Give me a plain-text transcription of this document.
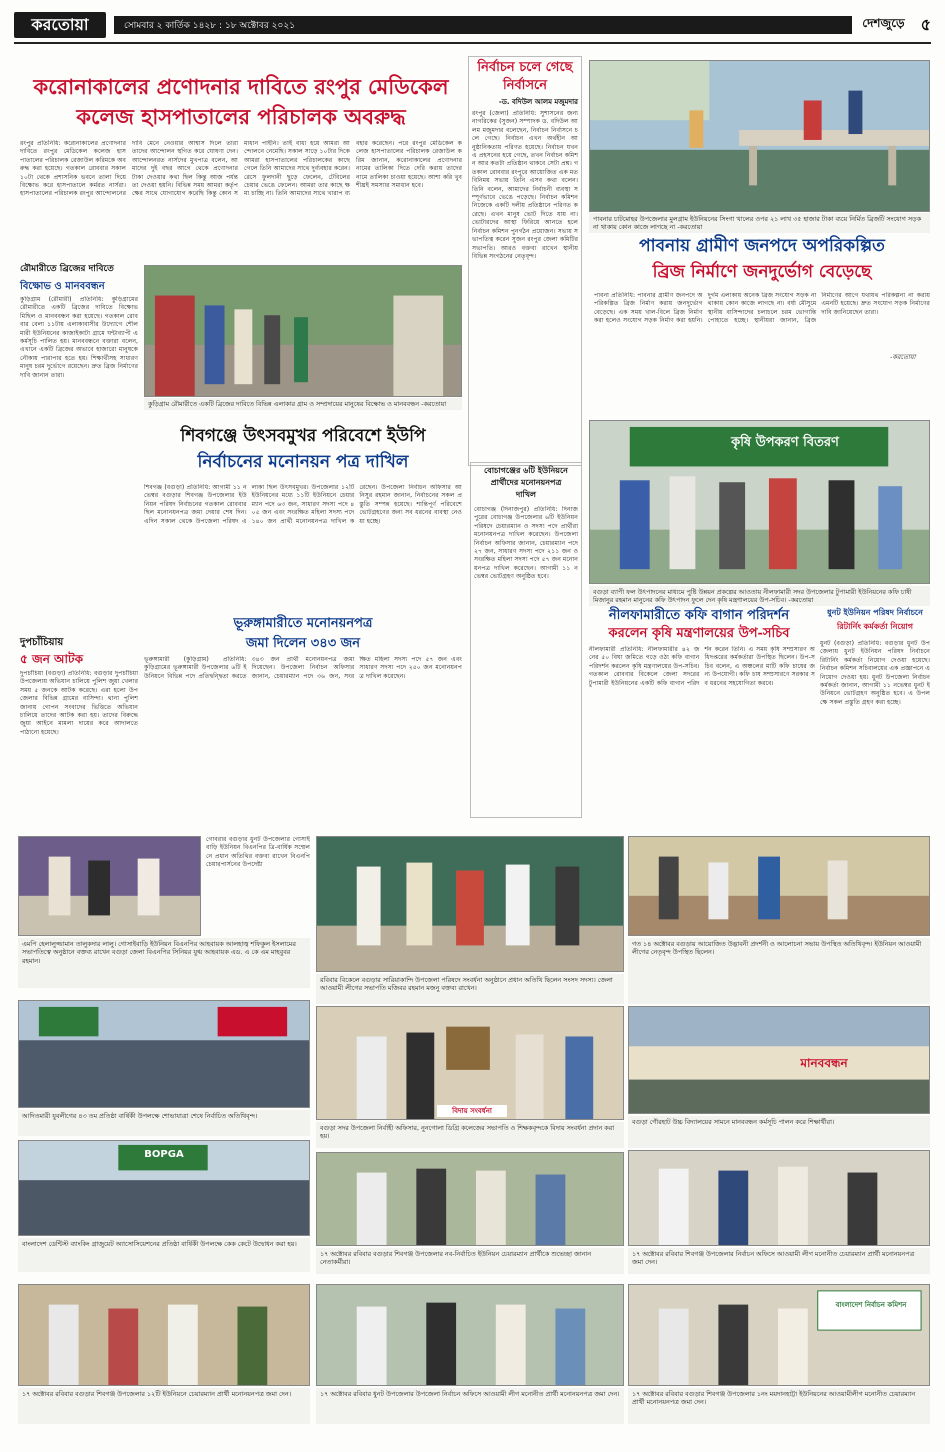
করতোয়া	সোমবার ২ কার্তিক ১৪২৮ : ১৮ অক্টোবর ২০২১	দেশজুড়ে ৫
করোনাকালের প্রণোদনার দাবিতে রংপুর মেডিকেল
কলেজ হাসপাতালের পরিচালক অবরুদ্ধ
রংপুর প্রতিনিধি: করোনাকালের প্রণোদনার দাবিতে রংপুর মেডিকেল কলেজ হাসপাতালের পরিচালক রেজাউল করিমকে অবরুদ্ধ করা হয়েছে। গতকাল রোববার সকাল ১০টা থেকে প্রশাসনিক ভবনে তালা দিয়ে বিক্ষোভ করে হাসপাতালে কর্মরত নার্সরা। হাসপাতালের পরিচালক রংপুর আন্দোলনের দাবি মেনে নেওয়ার আশ্বাস দিলে তারা তাদের আন্দোলন স্থগিত করে ঘোষণা দেন। আন্দোলনরত নার্সদের মুখপাত্র বলেন, আমাদের দুই বছর আগে থেকে প্রণোদনার টাকা দেওয়ার কথা ছিল কিন্তু আজ পর্যন্ত তা দেওয়া হয়নি। বিভিন্ন সময় আমরা কর্তৃপক্ষের সাথে যোগাযোগ করেছি কিন্তু কোন সমাধান পাইনি। তাই বাধ্য হয়ে আমরা আন্দোলনে নেমেছি। সকাল সাড়ে ১০টার দিকে আমরা হাসপাতালের পরিচালকের কাছে গেলে তিনি আমাদের সাথে দুর্ব্যবহার করেন। রেসে ফুলদানী ছুড়ে ফেলেন, টেবিলের চেয়ার ভেঙে ফেলেন। আমরা তার কাছে ক্ষমা চাচ্ছি না। তিনি আমাদের সাথে খারাপ ব্যবহার করেছেন। পরে রংপুর মেডিকেল কলেজ হাসপাতালের পরিচালক রেজাউল করিম জানান, করোনাকালের প্রণোদনার নামের তালিকা দিতে দেরি করায় তাদের নামে তালিকা চাওয়া হয়েছে। আশা করি খুব শীঘ্রই সমস্যার সমাধান হবে।
নির্বাচন চলে গেছে
নির্বাসনে
-ড. বদিউল আলম মজুমদার
রংপুর (জেলা) প্রতিনিধি: সুশাসনের জন্য নাগরিকের (সুজন) সম্পাদক ড. বদিউল আলম মজুমদার বলেছেন, নির্বাচন নির্বাসনে চলে গেছে। নির্বাচন এখন অর্থহীন আনুষ্ঠানিকতায় পরিণত হয়েছে। নির্বাচন যখন এ প্রহসনের হয়ে গেছে, তখন নির্বাচন কমিশন আর কতটা প্রতিষ্ঠান থাকবে সেটা প্রশ্ন। গতকাল রোববার রংপুরে আয়োজিত এক মতবিনিময় সভায় তিনি এসব কথা বলেন। তিনি বলেন, আমাদের নির্বাচনী ব্যবস্থা সম্পূর্ণভাবে ভেঙে পড়েছে। নির্বাচন কমিশন নিজেকে একটি দলীয় প্রতিষ্ঠানে পরিণত করেছে। এখন মানুষ ভোট দিতে যায় না। ভোটারদের আস্থা ফিরিয়ে আনতে হলে নির্বাচন কমিশন পুনর্গঠন প্রয়োজন। সভায় সভাপতিত্ব করেন সুজন রংপুর জেলা কমিটির সভাপতি। আরও বক্তব্য রাখেন স্থানীয় বিভিন্ন সংগঠনের নেতৃবৃন্দ।
পাবনার চাটমোহর উপজেলার মুলগ্রাম ইউনিয়নের সিংগা খালের ওপর ২১ লাখ ৩৫ হাজার টাকা ব্যয়ে নির্মিত ব্রিজটি সংযোগ সড়ক না থাকায় কোন কাজে লাগছে না -করতোয়া
পাবনায় গ্রামীণ জনপদে অপরিকল্পিত
ব্রিজ নির্মাণে জনদুর্ভোগ বেড়েছে
পাবনা প্রতিনিধি: পাবনার গ্রামীণ জনপদে অপরিকল্পিত ব্রিজ নির্মাণ করায় জনদুর্ভোগ বেড়েছে। এক সময় খাল-বিলে ব্রিজ নির্মাণ করা হলেও সংযোগ সড়ক নির্মাণ করা হয়নি। দুর্গম এলাকায় অনেক ব্রিজ সংযোগ সড়ক না থাকায় কোন কাজে লাগছে না। বর্ষা মৌসুমে স্থানীয় বাসিন্দাদের চলাচলে চরম ভোগান্তি পোহাতে হচ্ছে। স্থানীয়রা জানান, ব্রিজ নির্মাণের আগে যথাযথ পরিকল্পনা না করায় এমনটি হয়েছে। দ্রুত সংযোগ সড়ক নির্মাণের দাবি জানিয়েছেন তারা।
-করতোয়া
রৌমারীতে ব্রিজের দাবিতে
বিক্ষোভ ও মানববন্ধন
কুড়িগ্রাম (রৌমারী) প্রতিনিধি: কুড়িগ্রামের রৌমারীতে একটি ব্রিজের দাবিতে বিক্ষোভ মিছিল ও মানববন্ধন করা হয়েছে। গতকাল রোববার বেলা ১১টায় এলাকাবাসীর উদ্যোগে শৌলমারী ইউনিয়নের কাজাইকাটা গ্রামে ঘন্টাব্যাপী এ কর্মসূচি পালিত হয়। মানববন্ধনে বক্তারা বলেন, এখানে একটি ব্রিজের অভাবে হাজারো মানুষকে নৌকায় পারাপার হতে হয়। শিক্ষার্থীসহ সাধারণ মানুষ চরম দুর্ভোগে রয়েছেন। দ্রুত ব্রিজ নির্মাণের দাবি জানান তারা।
কুড়িগ্রাম রৌমারীতে একটি ব্রিজের দাবিতে বিভিন্ন এলাকার গ্রাম ও সম্প্রদায়ের মানুষের বিক্ষোভ ও মানববন্ধন -করতোয়া
দুপচাঁচিয়ায়
৫ জন আটক
দুপচাঁচিয়া (বগুড়া) প্রতিনিধি: বগুড়ার দুপচাঁচিয়া উপজেলায় অভিযান চালিয়ে পুলিশ জুয়া খেলার সময় ৫ জনকে আটক করেছে। এরা হলো উপজেলার বিভিন্ন গ্রামের বাসিন্দা। থানা পুলিশ জানায় গোপন সংবাদের ভিত্তিতে অভিযান চালিয়ে তাদের আটক করা হয়। তাদের বিরুদ্ধে জুয়া আইনে মামলা দায়ের করে আদালতে পাঠানো হয়েছে।
শিবগঞ্জে উৎসবমুখর পরিবেশে ইউপি
নির্বাচনের মনোনয়ন পত্র দাখিল
শিবগঞ্জ (বগুড়া) প্রতিনিধি: আগামী ১১ নভেম্বর বগুড়ার শিবগঞ্জ উপজেলার ইউনিয়ন পরিষদ নির্বাচনের গতকাল রোববার ছিল মনোনয়নপত্র জমা দেয়ার শেষ দিন। এদিন সকাল থেকে উপজেলা পরিষদ এলাকা ছিল উৎসবমুখর। উপজেলার ১২টি ইউনিয়নের মধ্যে ১১টি ইউনিয়নে চেয়ারম্যান পদে ৬৩ জন, সাধারণ সদস্য পদে ৪০৫ জন এবং সংরক্ষিত মহিলা সদস্য পদে ১৪০ জন প্রার্থী মনোনয়নপত্র দাখিল করেছেন। উপজেলা নির্বাচন অফিসার আনিসুর রহমান জানান, নির্বাচনের সকল প্রস্তুতি সম্পন্ন হয়েছে। শান্তিপূর্ণ পরিবেশে ভোটগ্রহণের জন্য সব ধরনের ব্যবস্থা নেওয়া হচ্ছে।
বোচাগঞ্জের ৬টি ইউনিয়নে
প্রার্থীদের মনোনয়নপত্র
দাখিল
বোচাগঞ্জ (দিনাজপুর) প্রতিনিধি: দিনাজপুরের বোচাগঞ্জ উপজেলার ৬টি ইউনিয়ন পরিষদে চেয়ারম্যান ও সদস্য পদে প্রার্থীরা মনোনয়নপত্র দাখিল করেছেন। উপজেলা নির্বাচন অফিসার জানান, চেয়ারম্যান পদে ২৭ জন, সাধারণ সদস্য পদে ২১১ জন ও সংরক্ষিত মহিলা সদস্য পদে ৫৭ জন মনোনয়নপত্র দাখিল করেছেন। আগামী ১১ নভেম্বর ভোটগ্রহণ অনুষ্ঠিত হবে।
ভূরুঙ্গামারীতে মনোনয়নপত্র
জমা দিলেন ৩৪৩ জন
ভূরুঙ্গামারী (কুড়িগ্রাম) প্রতিনিধি: কুড়িগ্রামের ভূরুঙ্গামারী উপজেলার ৬টি ইউনিয়নে বিভিন্ন পদে প্রতিদ্বন্দ্বিতা করতে ৩৪৩ জন প্রার্থী মনোনয়নপত্র জমা দিয়েছেন। উপজেলা নির্বাচন অফিসার জানান, চেয়ারম্যান পদে ৩৬ জন, সংরক্ষিত মহিলা সদস্য পদে ৫৭ জন এবং সাধারণ সদস্য পদে ২৫০ জন মনোনয়নপত্র দাখিল করেছেন।
কৃষি উপকরণ বিতরণ
বগুড়া ব্যাপী ফল উৎপাদনের মাধ্যমে পুষ্টি উন্নয়ন প্রকল্পের আওতায় নীলফামারী সদর উপজেলার টুপামারী ইউনিয়নের কফি চাষী মিজানুর রহমান মানুনের কফি উৎপাদন ফুলে দেন কৃষি মন্ত্রণালয়ের উপ-সচিব। -করতোয়া
নীলফামারীতে কফি বাগান পরিদর্শন
করলেন কৃষি মন্ত্রণালয়ের উপ-সচিব
নীলফামারী প্রতিনিধি: নীলফামারীর ৪২ জনের ৫০ বিঘা জমিতে গড়ে ওঠা কফি বাগান পরিদর্শন করলেন কৃষি মন্ত্রণালয়ের উপ-সচিব। গতকাল রোববার বিকেলে জেলা সদরের টুপামারী ইউনিয়নের একটি কফি বাগান পরিদর্শন করেন তিনি। এ সময় কৃষি সম্প্রসারণ অধিদপ্তরের কর্মকর্তারা উপস্থিত ছিলেন। উপ-সচিব বলেন, এ অঞ্চলের মাটি কফি চাষের জন্য উপযোগী। কফি চাষ সম্প্রসারণে সরকার সব ধরনের সহযোগিতা করবে।
ধুনট ইউনিয়ন পরিষদ নির্বাচনে
রিটার্নিং কর্মকর্তা নিয়োগ
ধুনট (বগুড়া) প্রতিনিধি: বগুড়ার ধুনট উপজেলায় ধুনট ইউনিয়ন পরিষদ নির্বাচনে রিটার্নিং কর্মকর্তা নিয়োগ দেওয়া হয়েছে। নির্বাচন কমিশন সচিবালয়ের এক প্রজ্ঞাপনে এ নিয়োগ দেওয়া হয়। ধুনট উপজেলা নির্বাচন কর্মকর্তা জানান, আগামী ১১ নভেম্বর ধুনট ইউনিয়নে ভোটগ্রহণ অনুষ্ঠিত হবে। এ উপলক্ষে সকল প্রস্তুতি গ্রহণ করা হচ্ছে।
গোবরার বগুড়ার ধুনট উপজেলার গোসাইবাড়ি ইউনিয়ন বিএনপির ত্রি-বার্ষিক সম্মেলনে প্রধান অতিথির বক্তব্য রাখেন বিএনপি চেয়ারপার্সনের উপদেষ্টা
এমপি হেলালুজ্জামান তালুকদার লালু। গোসাইবাড়ি ইউনিয়ন বিএনপির আহবায়ক আলহাজ্ব শফিকুল ইসলামের সভাপতিত্বে অনুষ্ঠানে বক্তব্য রাখেন বগুড়া জেলা বিএনপির সিনিয়র যুগ্ম আহবায়ক এড. এ কে এম মাহবুবর রহমান।
রবিবার বিকেলে বগুড়ার সারিয়াকান্দি উপজেলা পরিষদে সংবর্ধনা অনুষ্ঠানে প্রধান অতিথি ছিলেন সংসদ সদস্য। জেলা আওয়ামী লীগের সভাপতি মজিবর রহমান মজনু বক্তব্য রাখেন।
গত ১৪ অক্টোবর বগুড়ায় আয়োজিত উদ্ভাবনী প্রদর্শনী ও আলোচনা সভায় উপস্থিত অতিথিবৃন্দ। ইউনিয়ন আওয়ামী লীগের নেতৃবৃন্দ উপস্থিত ছিলেন।
আদিতমারী যুবলীগের ৪৩ তম প্রতিষ্ঠা বার্ষিকী উপলক্ষে শোভাযাত্রা শেষে নির্বাচিত অতিথিবৃন্দ।
বিদায় সংবর্ধনা
বগুড়া সদর উপজেলা নির্বাহী অফিসার, নুনগোলা ডিগ্রি কলেজের সভাপতি ও শিক্ষকবৃন্দকে বিদায় সংবর্ধনা প্রদান করা হয়।
মানববন্ধন
বগুড়া গৌরহাট উচ্চ বিদ্যালয়ের সামনে মানববন্ধন কর্মসূচি পালন করে শিক্ষার্থীরা।
BOPGA
বাংলাদেশ ডেন্টিস্ট ব্যাংকিং গ্রাজুয়েট অ্যাসোসিয়েশনের প্রতিষ্ঠা বার্ষিকী উপলক্ষে কেক কেটে উদ্বোধন করা হয়।
১৭ অক্টোবর রবিবার বগুড়ার শিবগঞ্জ উপজেলার নব-নির্বাচিত ইউনিয়ন চেয়ারম্যান প্রার্থীকে শুভেচ্ছা জানান নেতাকর্মীরা।
১৭ অক্টোবর রবিবার শিবগঞ্জ উপজেলার নির্বাচন অফিসে আওয়ামী লীগ মনোনীত চেয়ারম্যান প্রার্থী মনোনয়নপত্র জমা দেন।
১৭ অক্টোবর রবিবার বগুড়ার শিবগঞ্জ উপজেলার ১২টি ইউনিয়নে চেয়ারম্যান প্রার্থী মনোনয়নপত্র জমা দেন।	১৭ অক্টোবর রবিবার ধুনট উপজেলার উপজেলা নির্বাচন অফিসে আওয়ামী লীগ মনোনীত প্রার্থী মনোনয়নপত্র জমা দেন।
বাংলাদেশ নির্বাচন কমিশন
১৭ অক্টোবর রবিবার বগুড়ার শিবগঞ্জ উপজেলার ১নং ময়দানহাট্টা ইউনিয়নের আওয়ামীলীগ মনোনীত চেয়ারম্যান প্রার্থী মনোনয়নপত্র জমা দেন।
